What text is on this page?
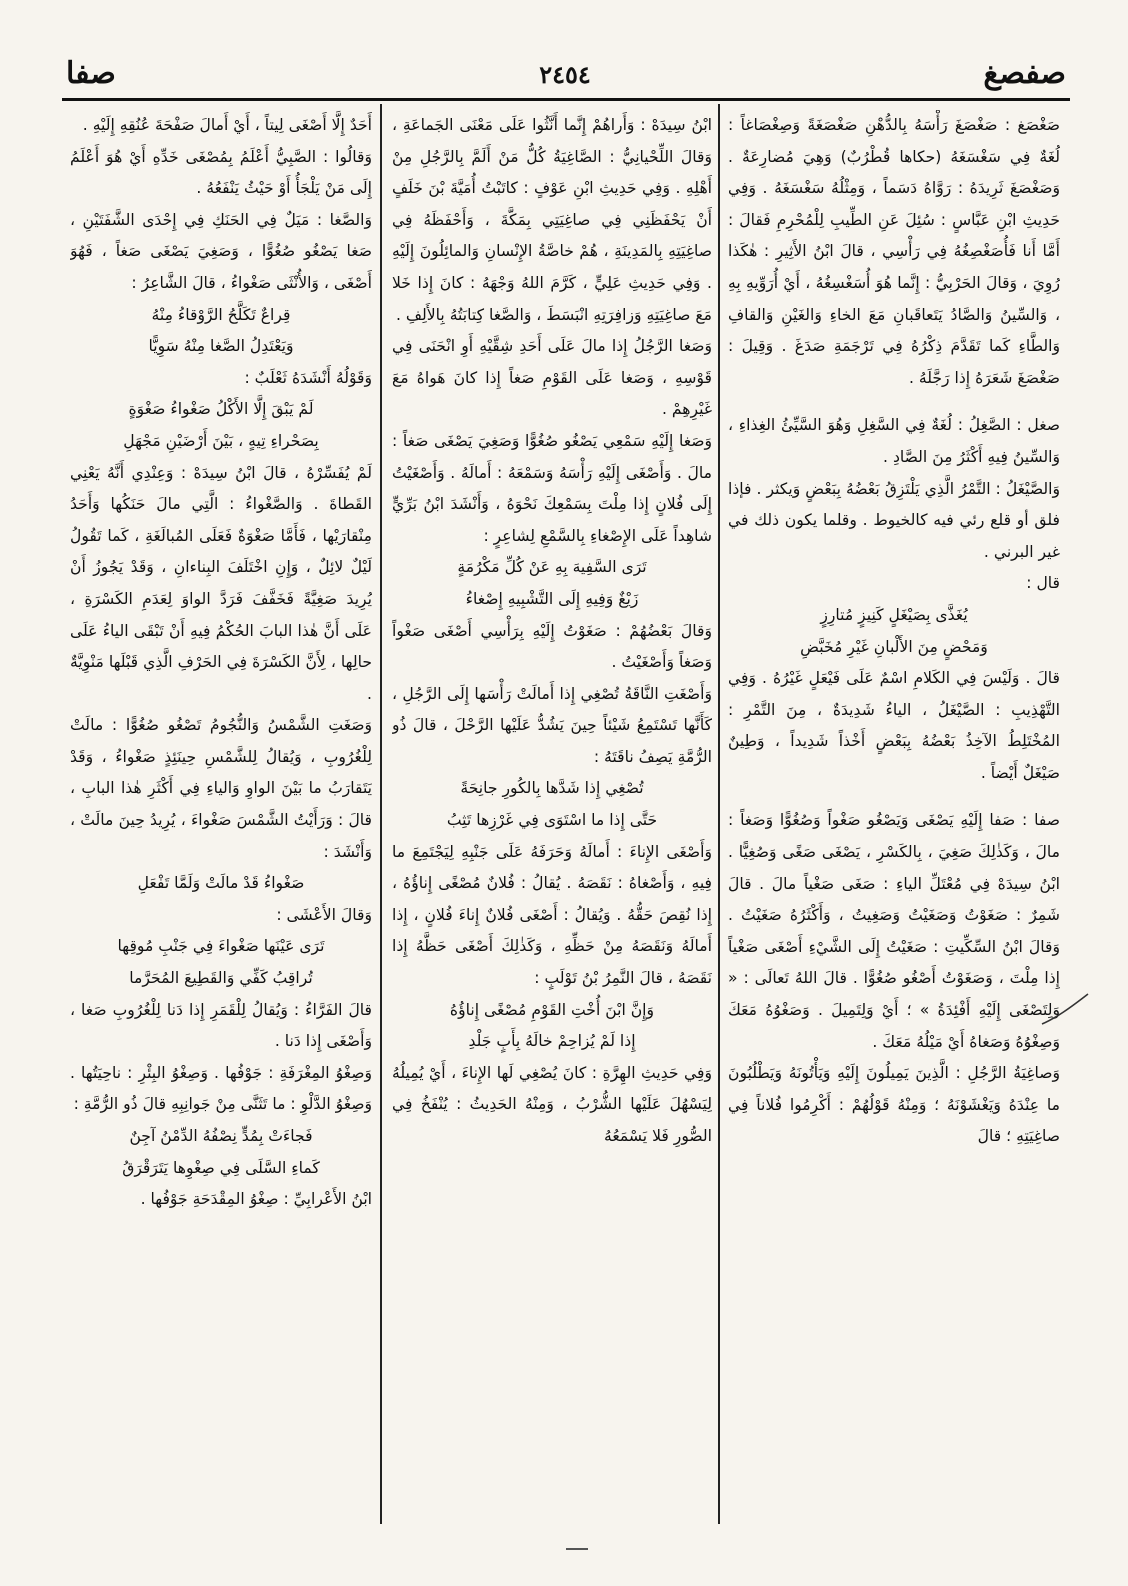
صفا	٢٤٥٤	صفصغ

صَغْصَغ : صَغْصَغَ رَأْسَهُ بِالدُّهْنِ صَغْصَغَةً وَصِغْصَاغاً : لُغَةٌ فِي سَغْسَغَهُ (حكاها قُطْرُبٌ) وَهِيَ مُضارِعَةٌ . وَصَغْصَغَ ثَرِيدَهُ : رَوَّاهُ دَسَماً ، وَمِثْلُهُ سَغْسَغَهُ . وَفِي حَدِيثِ ابْنِ عَبَّاسٍ : سُئِلَ عَنِ الطِّيبِ لِلْمُحْرِمِ فَقالَ : أَمَّا أَنا فَأُصَغْصِغُهُ فِي رَأْسِي ، قالَ ابْنُ الأَثِيرِ : هٰكَذا رُوِيَ ، وَقالَ الحَرْبِيُّ : إِنَّما هُوَ أُسَغْسِغُهُ ، أَيْ أُرَوِّيهِ بِهِ ، وَالسِّينُ وَالصَّادُ يَتَعاقَبانِ مَعَ الخاءِ وَالغَيْنِ وَالقافِ وَالطَّاءِ كَما تَقَدَّمَ ذِكْرُهُ فِي تَرْجَمَةِ صَدَغَ . وَقِيلَ : صَغْصَغَ شَعَرَهُ إِذا رَجَّلَهُ .

صغل : الصَّغِلُ : لُغَةٌ فِي السَّغِلِ وَهُوَ السَّيِّئُ الغِذاءِ ، وَالسِّينُ فِيهِ أَكْثَرُ مِنَ الصَّادِ .

وَالصَّيْغَلُ : التَّمْرُ الَّذِي يَلْتَزِقُ بَعْضُهُ بِبَعْضٍ وَيكثر . فإذا فلق أو قلع رئي فيه كالخيوط . وقلما يكون ذلك في غير البرني .

قال :

يُغَذَّى بِصَيْغَلٍ كَنِيزٍ مُتارِزٍ

وَمَحْضٍ مِنَ الأَلْبانِ غَيْرِ مُخَبَّضِ

قالَ . وَلَيْسَ فِي الكَلامِ اسْمٌ عَلَى فَيْعَلٍ غَيْرُهُ . وَفِي التَّهْذِيبِ : الصَّيْغَلُ ، الياءُ شَدِيدَةٌ ، مِنَ التَّمْرِ : المُخْتَلِطُ الآخِذُ بَعْضُهُ بِبَعْضٍ أَخْذاً شَدِيداً ، وَطِينٌ صَيْغَلٌ أَيْضاً .

صفا : صَفا إِلَيْهِ يَصْغَى وَيَصْغُو صَغْواً وَصُغُوًّا وَصَغاً : مالَ ، وَكَذٰلِكَ صَغِيَ ، بِالكَسْرِ ، يَصْغَى صَغًى وَصُغِيًّا . ابْنُ سِيدَهْ فِي مُعْتَلِّ الياءِ : صَغَى صَغْياً مالَ . قالَ شَمِرٌ : صَغَوْتُ وَصَغَيْتُ وَصَغِيتُ ، وَأَكْثَرُهُ صَغَيْتُ . وَقالَ ابْنُ السِّكِّيتِ : صَغَيْتُ إِلَى الشَّيْءِ أَصْغَى صَغْياً إِذا مِلْتَ ، وَصَغَوْتُ أَصْغُو صُغُوًّا . قالَ اللهُ تَعالَى : « وَلِتَصْغَى إِلَيْهِ أَفْئِدَةُ » ؛ أَيْ وَلِتَمِيلَ . وَصَغْوُهُ مَعَكَ وَصِغْوُهُ وَصَغاهُ أَيْ مَيْلُهُ مَعَكَ .

وَصاغِيَةُ الرَّجُلِ : الَّذِينَ يَمِيلُونَ إِلَيْهِ وَيَأْتُونَهُ وَيَطْلُبُونَ ما عِنْدَهُ وَيَغْشَوْنَهُ ؛ وَمِنْهُ قَوْلُهُمْ : أَكْرِمُوا فُلاناً فِي صاغِيَتِهِ ؛ قالَ

ابْنُ سِيدَهْ : وَأَراهُمْ إِنَّما أَنَّثُوا عَلَى مَعْنَى الجَماعَةِ ، وَقالَ اللِّحْيانِيُّ : الصَّاغِيَةُ كُلُّ مَنْ أَلَمَّ بِالرَّجُلِ مِنْ أَهْلِهِ . وَفِي حَدِيثِ ابْنِ عَوْفٍ : كاتَبْتُ أُمَيَّةَ بْنَ خَلَفٍ أَنْ يَحْفَظَنِي فِي صاغِيَتِي بِمَكَّةَ ، وَأَحْفَظَهُ فِي صاغِيَتِهِ بِالمَدِينَةِ ، هُمْ خاصَّةُ الإِنْسانِ وَالمائِلُونَ إِلَيْهِ . وَفِي حَدِيثِ عَلِيٍّ ، كَرَّمَ اللهُ وَجْهَهُ : كانَ إِذا خَلا مَعَ صاغِيَتِهِ وَزافِرَتِهِ انْبَسَطَ ، وَالصَّغا كِتابَتُهُ بِالأَلِفِ .

وَصَغا الرَّجُلُ إِذا مالَ عَلَى أَحَدِ شِقَّيْهِ أَوِ انْحَنَى فِي قَوْسِهِ ، وَصَغا عَلَى القَوْمِ صَغاً إِذا كانَ هَواهُ مَعَ غَيْرِهِمْ .

وَصَغا إِلَيْهِ سَمْعِي يَصْغُو صُغُوًّا وَصَغِيَ يَصْغَى صَغاً : مالَ . وَأَصْغَى إِلَيْهِ رَأْسَهُ وَسَمْعَهُ : أَمالَهُ . وَأَصْغَيْتُ إِلَى فُلانٍ إِذا مِلْتَ بِسَمْعِكَ نَحْوَهُ ، وَأَنْشَدَ ابْنُ بَرِّيٍّ شاهِداً عَلَى الإِصْغاءِ بِالسَّمْعِ لِشاعِرٍ :

تَرَى السَّفِيهَ بِهِ عَنْ كُلِّ مَكْرُمَةٍ

زَيْغٌ وَفِيهِ إِلَى التَّشْبِيهِ إِصْغاءُ

وَقالَ بَعْضُهُمْ : صَغَوْتُ إِلَيْهِ بِرَأْسِي أَصْغَى صَغْواً وَصَغاً وَأَصْغَيْتُ .

وَأَصْغَتِ النَّاقَةُ تُصْغِي إِذا أَمالَتْ رَأْسَها إِلَى الرَّجُلِ ، كَأَنَّها تَسْتَمِعُ شَيْئاً حِينَ يَشُدُّ عَلَيْها الرَّحْلَ ، قالَ ذُو الرُّمَّةِ يَصِفُ ناقَتَهُ :

تُصْغِي إِذا شَدَّها بِالكُورِ جانِحَةً

حَتَّى إِذا ما اسْتَوَى فِي غَرْزِها تَثِبُ

وَأَصْغَى الإِناءَ : أَمالَهُ وَحَرَفَهُ عَلَى جَنْبِهِ لِيَجْتَمِعَ ما فِيهِ ، وَأَصْغاهُ : نَقَصَهُ . يُقالُ : فُلانٌ مُصْغًى إِناؤُهُ ، إِذا نُقِصَ حَقُّهُ . وَيُقالُ : أَصْغَى فُلانٌ إِناءَ فُلانٍ ، إِذا أَمالَهُ وَنَقَصَهُ مِنْ حَظِّهِ ، وَكَذٰلِكَ أَصْغَى حَظَّهُ إِذا نَقَصَهُ ، قالَ النَّمِرُ بْنُ تَوْلَبٍ :

وَإِنَّ ابْنَ أُخْتِ القَوْمِ مُصْغًى إِناؤُهُ

إِذا لَمْ يُزاحِمْ خالَهُ بِأَبٍ جَلْدِ

وَفِي حَدِيثِ الهِرَّةِ : كانَ يُصْغِي لَها الإِناءَ ، أَيْ يُمِيلُهُ لِيَسْهُلَ عَلَيْها الشُّرْبُ ، وَمِنْهُ الحَدِيثُ : يُنْفَخُ فِي الصُّورِ فَلا يَسْمَعُهُ

أَحَدٌ إِلَّا أَصْغَى لِيتاً ، أَيْ أَمالَ صَفْحَةَ عُنُقِهِ إِلَيْهِ .

وَقالُوا : الصَّبِيُّ أَعْلَمُ بِمُصْغَى خَدِّهِ أَيْ هُوَ أَعْلَمُ إِلَى مَنْ يَلْجَأُ أَوْ حَيْثُ يَنْفَعُهُ .

وَالصَّغا : مَيَلٌ فِي الحَنَكِ فِي إِحْدَى الشَّفَتَيْنِ ، صَغا يَصْغُو صُغُوًّا ، وَصَغِيَ يَصْغَى صَغاً ، فَهُوَ أَصْغَى ، وَالأُنْثَى صَغْواءُ ، قالَ الشَّاعِرُ :

قِراعٌ تَكَلَّحُ الرَّوْقاءُ مِنْهُ

وَيَعْتَدِلُ الصَّغا مِنْهُ سَوِيًّا

وَقَوْلُهُ أَنْشَدَهُ ثَعْلَبٌ :

لَمْ يَبْقَ إِلَّا الأَكْلُ صَغْواءُ صَغْوَةٍ

بِصَحْراءِ تِيهٍ ، بَيْنَ أَرْضَيْنِ مَجْهَلِ

لَمْ يُفَسِّرْهُ ، قالَ ابْنُ سِيدَهْ : وَعِنْدِي أَنَّهُ يَعْنِي القَطاةَ . وَالصَّغْواءُ : الَّتِي مالَ حَنَكُها وَأَحَدُ مِنْقارَيْها ، فَأَمَّا صَغْوَةٌ فَعَلَى المُبالَغَةِ ، كَما تَقُولُ لَيْلٌ لائِلٌ ، وَإِنِ اخْتَلَفَ البِناءانِ ، وَقَدْ يَجُوزُ أَنْ يُرِيدَ صَغِيَّةً فَخَفَّفَ فَرَدَّ الواوَ لِعَدَمِ الكَسْرَةِ ، عَلَى أَنَّ هٰذا البابَ الحُكْمُ فِيهِ أَنْ تَبْقَى الياءُ عَلَى حالِها ، لِأَنَّ الكَسْرَةَ فِي الحَرْفِ الَّذِي قَبْلَها مَنْوِيَّةٌ .

وَصَغَتِ الشَّمْسُ وَالنُّجُومُ تَصْغُو صُغُوًّا : مالَتْ لِلْغُرُوبِ ، وَيُقالُ لِلشَّمْسِ حِينَئِذٍ صَغْواءُ ، وَقَدْ يَتَقارَبُ ما بَيْنَ الواوِ وَالياءِ فِي أَكْثَرِ هٰذا البابِ ، قالَ : وَرَأَيْتُ الشَّمْسَ صَغْواءَ ، يُرِيدُ حِينَ مالَتْ ، وَأَنْشَدَ :

صَغْواءُ قَدْ مالَتْ وَلَمَّا تَفْعَلِ

وَقالَ الأَعْشَى :

تَرَى عَيْنَها صَغْواءَ فِي جَنْبِ مُوقِها

تُراقِبُ كَفِّي وَالقَطِيعَ المُحَرَّما

قالَ الفَرَّاءُ : وَيُقالُ لِلْقَمَرِ إِذا دَنا لِلْغُرُوبِ صَغا ، وَأَصْغَى إِذا دَنا .

وَصِغْوُ المِغْرَفَةِ : جَوْفُها . وَصِغْوُ البِئْرِ : ناحِيَتُها . وَصِغْوُ الدَّلْوِ : ما تَثَنَّى مِنْ جَوانِبِهِ قالَ ذُو الرُّمَّةِ :

فَجاءَتْ بِمُدٍّ نِصْفُهُ الدِّمْنُ آجِنٌ

كَماءِ السَّلَى فِي صِغْوِها يَتَرَقْرَقُ

ابْنُ الأَعْرابِيِّ : صِغْوُ المِقْدَحَةِ جَوْفُها .
